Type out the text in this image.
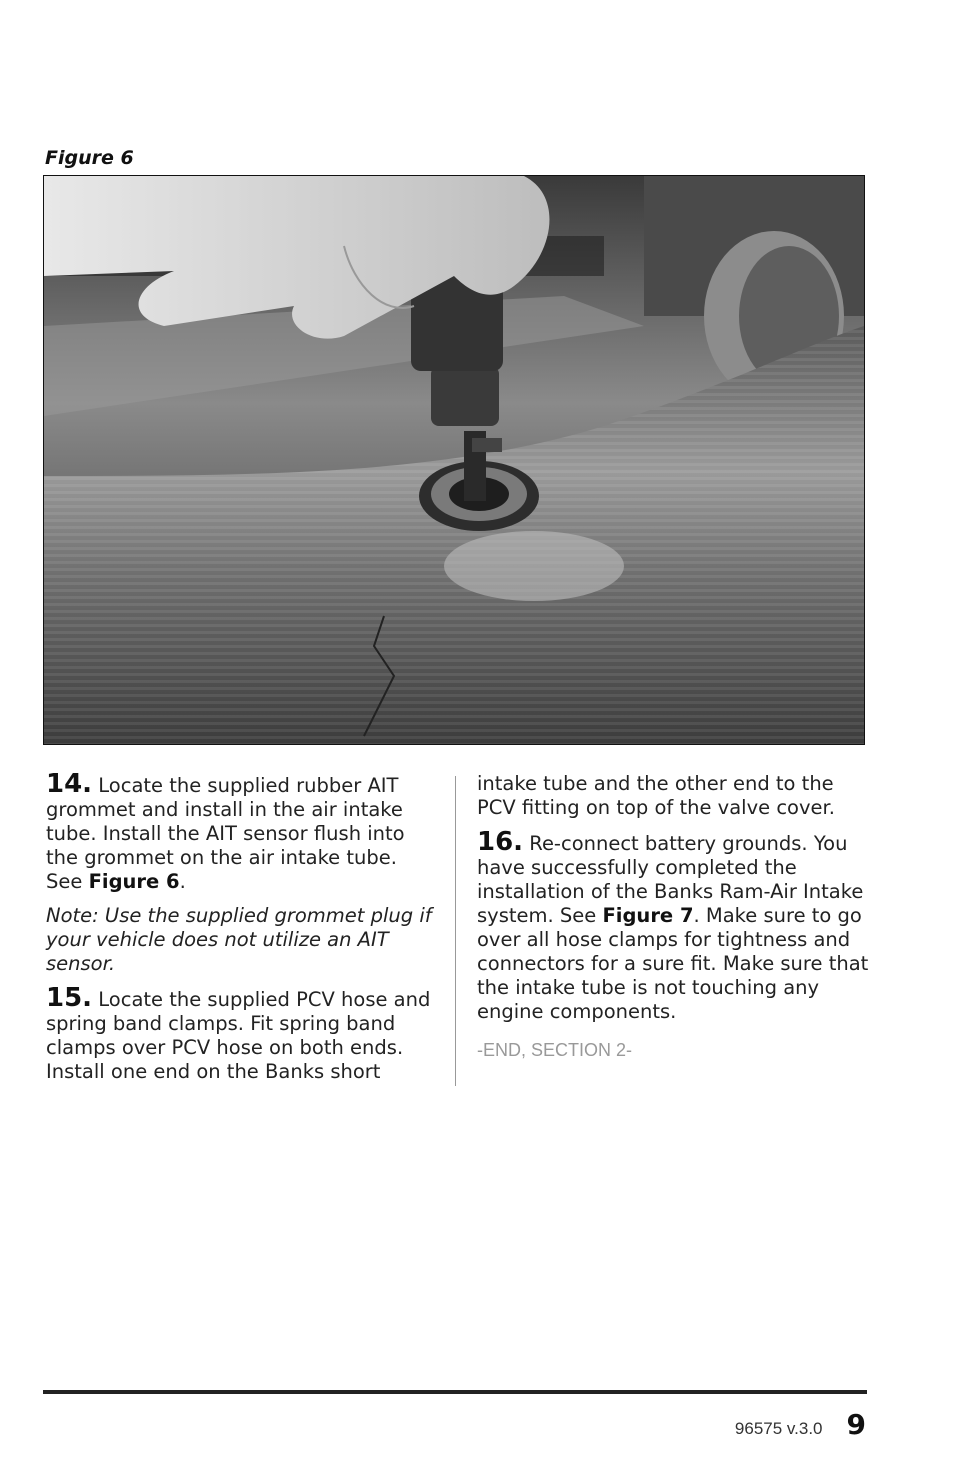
Figure 6

14. Locate the supplied rubber AIT grommet and install in the air intake tube. Install the AIT sensor flush into the grommet on the air intake tube. See Figure 6.

Note: Use the supplied grommet plug if your vehicle does not utilize an AIT sensor.

15. Locate the supplied PCV hose and spring band clamps. Fit spring band clamps over PCV hose on both ends. Install one end on the Banks short

intake tube and the other end to the PCV fitting on top of the valve cover.

16. Re-connect battery grounds. You have successfully completed the installation of the Banks Ram-Air Intake system. See Figure 7. Make sure to go over all hose clamps for tightness and connectors for a sure fit. Make sure that the intake tube is not touching any engine components.

-END, SECTION 2-

96575 v.3.0 9
